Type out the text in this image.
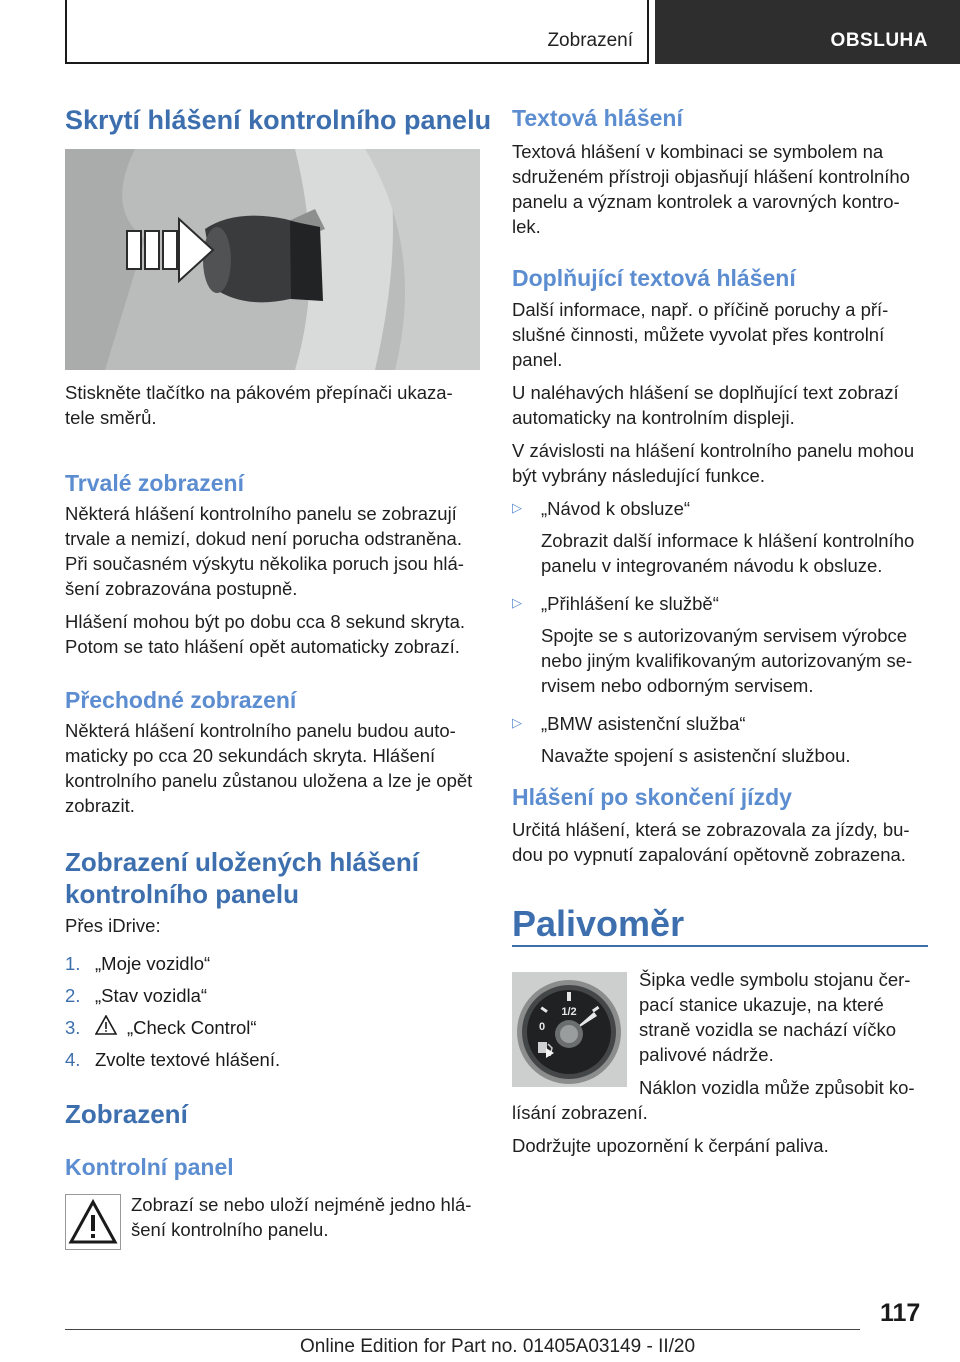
Zobrazení	OBSLUHA
Skrytí hlášení kontrolního panelu

Stiskněte tlačítko na pákovém přepínači ukaza-

tele směrů.

Trvalé zobrazení

Některá hlášení kontrolního panelu se zobrazují

trvale a nemizí, dokud není porucha odstraněna.

Při současném výskytu několika poruch jsou hlá-

šení zobrazována postupně.

Hlášení mohou být po dobu cca 8 sekund skryta.

Potom se tato hlášení opět automaticky zobrazí.

Přechodné zobrazení

Některá hlášení kontrolního panelu budou auto-

maticky po cca 20 sekundách skryta. Hlášení

kontrolního panelu zůstanou uložena a lze je opět

zobrazit.

Zobrazení uložených hlášení
kontrolního panelu
Přes iDrive:
1. „Moje vozidlo“
2. „Stav vozidla“
3.	„Check Control“
4. Zvolte textové hlášení.
Zobrazení
Kontrolní panel

Zobrazí se nebo uloží nejméně jedno hlá-

šení kontrolního panelu.

Textová hlášení

Textová hlášení v kombinaci se symbolem na

sdruženém přístroji objasňují hlášení kontrolního

panelu a význam kontrolek a varovných kontro-

lek.

Doplňující textová hlášení

Další informace, např. o příčině poruchy a pří-

slušné činnosti, můžete vyvolat přes kontrolní

panel.

U naléhavých hlášení se doplňující text zobrazí

automaticky na kontrolním displeji.

V závislosti na hlášení kontrolního panelu mohou

být vybrány následující funkce.

▷ „Návod k obsluze“

Zobrazit další informace k hlášení kontrolního

panelu v integrovaném návodu k obsluze.

▷ „Přihlášení ke službě“

Spojte se s autorizovaným servisem výrobce

nebo jiným kvalifikovaným autorizovaným se-

rvisem nebo odborným servisem.

▷ „BMW asistenční služba“

Navažte spojení s asistenční službou.

Hlášení po skončení jízdy

Určitá hlášení, která se zobrazovala za jízdy, bu-

dou po vypnutí zapalování opětovně zobrazena.

Palivoměr
1/2
0

Šipka vedle symbolu stojanu čer-

pací stanice ukazuje, na které

straně vozidla se nachází víčko

palivové nádrže.

Náklon vozidla může způsobit ko-

lísání zobrazení.

Dodržujte upozornění k čerpání paliva.

117
Online Edition for Part no. 01405A03149 - II/20
